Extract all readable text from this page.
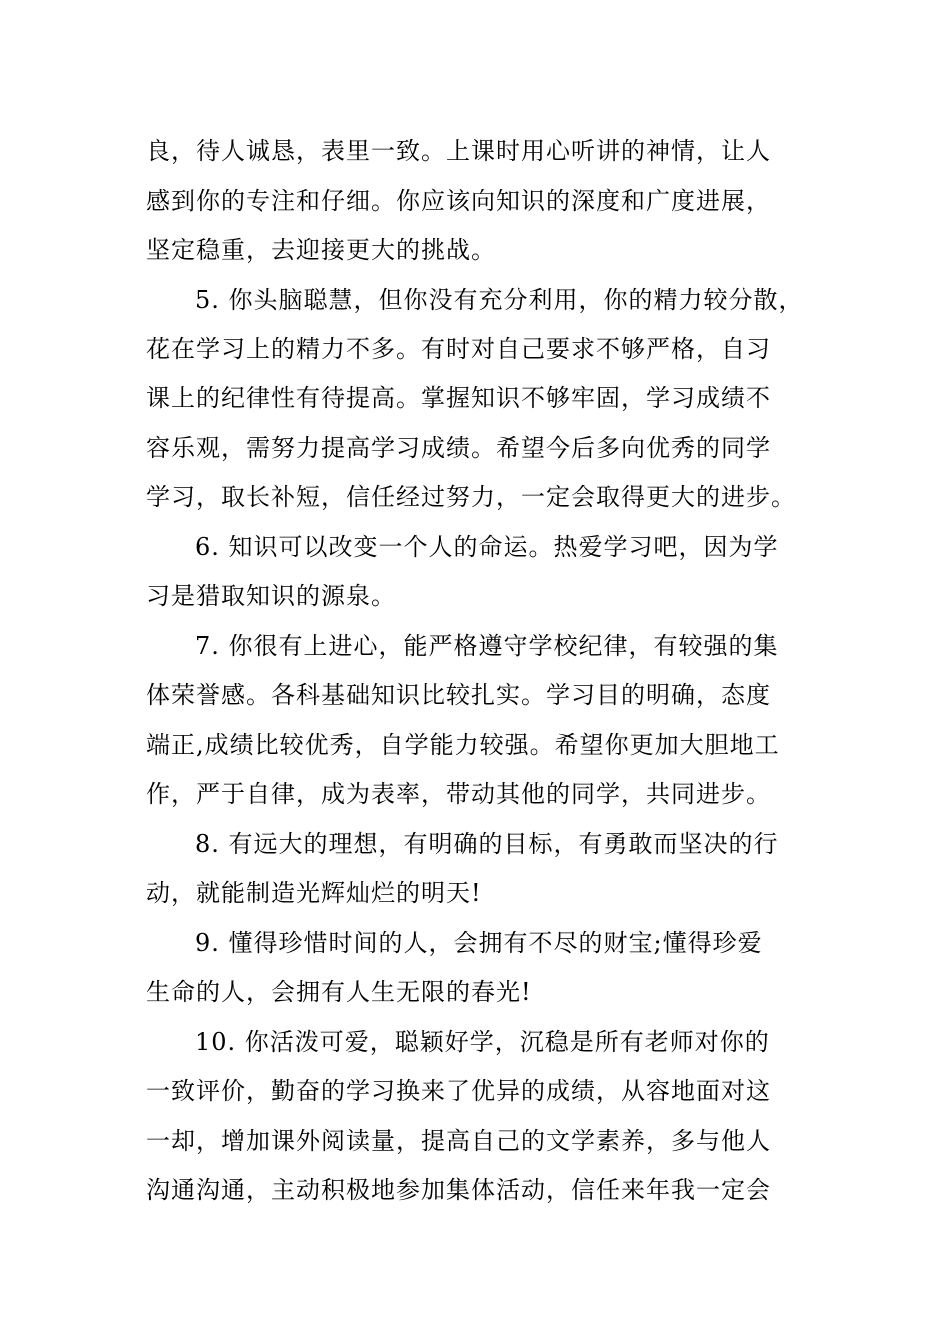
良，待人诚恳，表里一致。上课时用心听讲的神情，让人
感到你的专注和仔细。你应该向知识的深度和广度进展，
坚定稳重，去迎接更大的挑战。
5. 你头脑聪慧，但你没有充分利用，你的精力较分散，
花在学习上的精力不多。有时对自己要求不够严格，自习
课上的纪律性有待提高。掌握知识不够牢固，学习成绩不
容乐观，需努力提高学习成绩。希望今后多向优秀的同学
学习，取长补短，信任经过努力，一定会取得更大的进步。
6. 知识可以改变一个人的命运。热爱学习吧，因为学
习是猎取知识的源泉。
7. 你很有上进心，能严格遵守学校纪律，有较强的集
体荣誉感。各科基础知识比较扎实。学习目的明确，态度
端正,成绩比较优秀，自学能力较强。希望你更加大胆地工
作，严于自律，成为表率，带动其他的同学，共同进步。
8. 有远大的理想，有明确的目标，有勇敢而坚决的行
动，就能制造光辉灿烂的明天!
9. 懂得珍惜时间的人，会拥有不尽的财宝;懂得珍爱
生命的人，会拥有人生无限的春光!
10. 你活泼可爱，聪颖好学，沉稳是所有老师对你的
一致评价，勤奋的学习换来了优异的成绩，从容地面对这
一却，增加课外阅读量，提高自己的文学素养，多与他人
沟通沟通，主动积极地参加集体活动，信任来年我一定会
